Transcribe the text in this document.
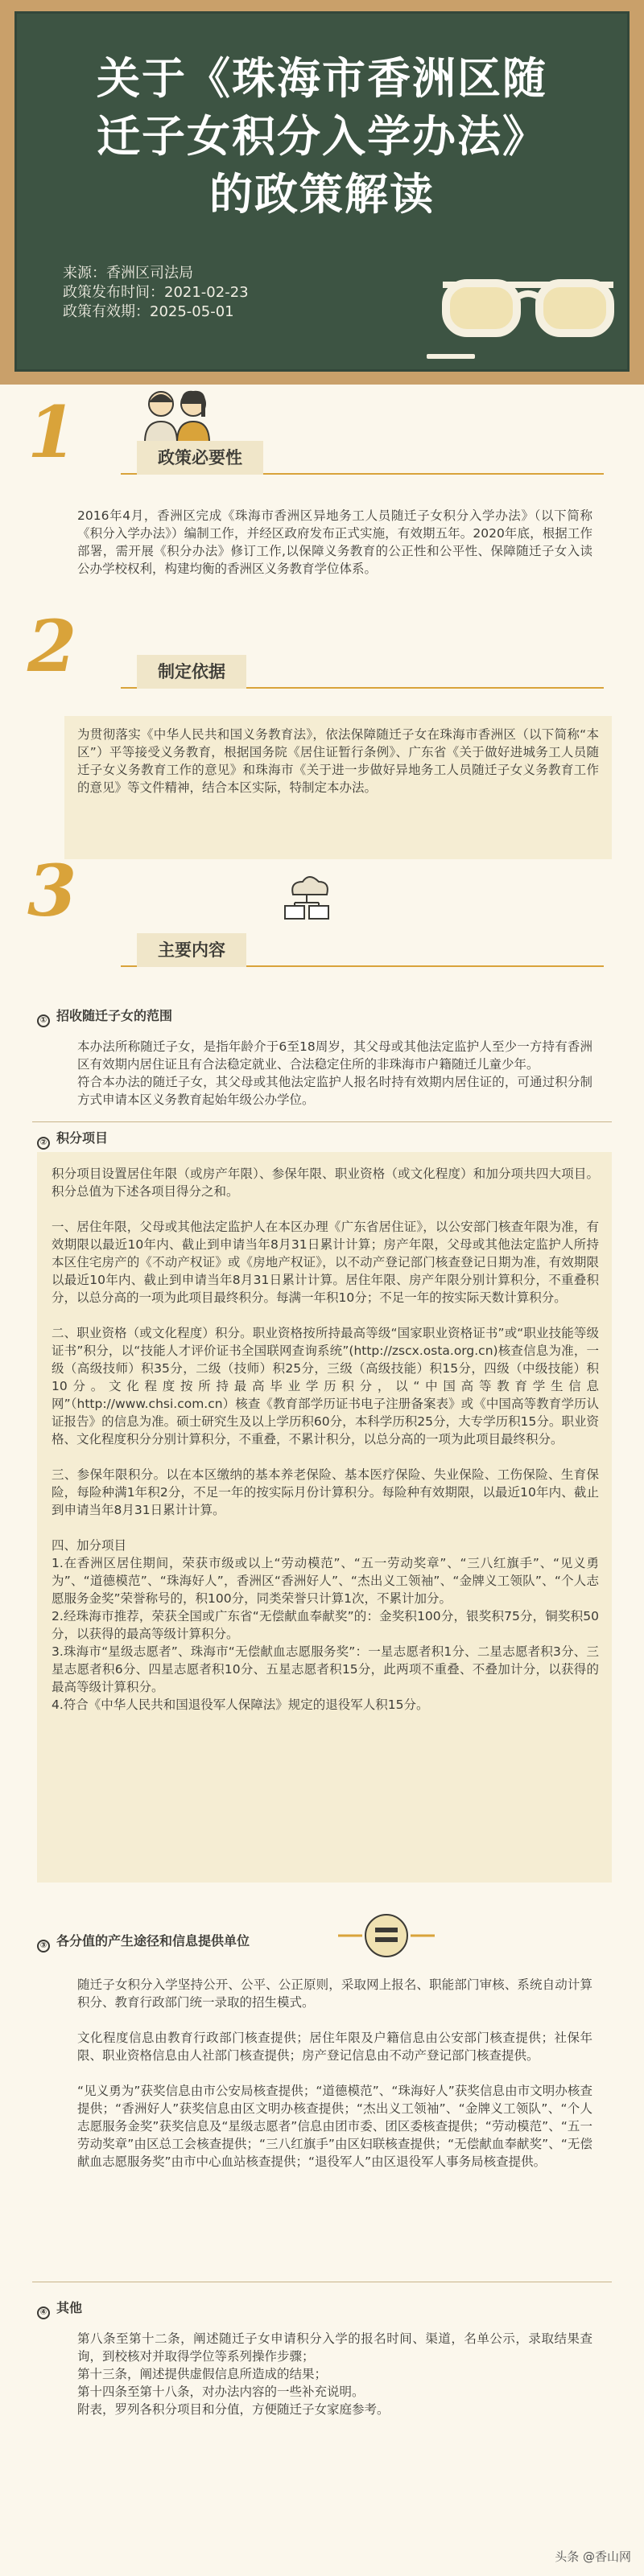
关于《珠海市香洲区随
迁子女积分入学办法》
的政策解读
来源：香洲区司法局
政策发布时间：2021-02-23
政策有效期：2025-05-01
1	政策必要性
2016年4月，香洲区完成《珠海市香洲区异地务工人员随迁子女积分入学办法》（以下简称《积分入学办法》）编制工作，并经区政府发布正式实施，有效期五年。2020年底，根据工作部署，需开展《积分办法》修订工作,以保障义务教育的公正性和公平性、保障随迁子女入读公办学校权利，构建均衡的香洲区义务教育学位体系。
2	制定依据
为贯彻落实《中华人民共和国义务教育法》，依法保障随迁子女在珠海市香洲区（以下简称“本区”）平等接受义务教育，根据国务院《居住证暂行条例》、广东省《关于做好进城务工人员随迁子女义务教育工作的意见》和珠海市《关于进一步做好异地务工人员随迁子女义务教育工作的意见》等文件精神，结合本区实际，特制定本办法。
3
主要内容
① 招收随迁子女的范围
本办法所称随迁子女，是指年龄介于6至18周岁，其父母或其他法定监护人至少一方持有香洲区有效期内居住证且有合法稳定就业、合法稳定住所的非珠海市户籍随迁儿童少年。
符合本办法的随迁子女，其父母或其他法定监护人报名时持有效期内居住证的，可通过积分制方式申请本区义务教育起始年级公办学位。
② 积分项目
积分项目设置居住年限（或房产年限）、参保年限、职业资格（或文化程度）和加分项共四大项目。积分总值为下述各项目得分之和。

一、居住年限，父母或其他法定监护人在本区办理《广东省居住证》，以公安部门核查年限为准，有效期限以最近10年内、截止到申请当年8月31日累计计算；房产年限，父母或其他法定监护人所持本区住宅房产的《不动产权证》或《房地产权证》，以不动产登记部门核查登记日期为准，有效期限以最近10年内、截止到申请当年8月31日累计计算。居住年限、房产年限分别计算积分，不重叠积分，以总分高的一项为此项目最终积分。每满一年积10分；不足一年的按实际天数计算积分。

二、职业资格（或文化程度）积分。职业资格按所持最高等级“国家职业资格证书”或“职业技能等级证书”积分，以“技能人才评价证书全国联网查询系统”(http://zscx.osta.org.cn)核查信息为准，一级（高级技师）积35分，二级（技师）积25分，三级（高级技能）积15分，四级（中级技能）积10分。文化程度按所持最高毕业学历积分，以“中国高等教育学生信息网”（http://www.chsi.com.cn）核查《教育部学历证书电子注册备案表》或《中国高等教育学历认证报告》的信息为准。硕士研究生及以上学历积60分，本科学历积25分，大专学历积15分。职业资格、文化程度积分分别计算积分，不重叠，不累计积分，以总分高的一项为此项目最终积分。

三、参保年限积分。以在本区缴纳的基本养老保险、基本医疗保险、失业保险、工伤保险、生育保险，每险种满1年积2分，不足一年的按实际月份计算积分。每险种有效期限，以最近10年内、截止到申请当年8月31日累计计算。

四、加分项目
1.在香洲区居住期间，荣获市级或以上“劳动模范”、“五一劳动奖章”、“三八红旗手”、“见义勇为”、“道德模范”、“珠海好人”，香洲区“香洲好人”、“杰出义工领袖”、“金牌义工领队”、“个人志愿服务金奖”荣誉称号的，积100分，同类荣誉只计算1次，不累计加分。
2.经珠海市推荐，荣获全国或广东省“无偿献血奉献奖”的：金奖积100分，银奖积75分，铜奖积50分，以获得的最高等级计算积分。
3.珠海市“星级志愿者”、珠海市“无偿献血志愿服务奖”：一星志愿者积1分、二星志愿者积3分、三星志愿者积6分、四星志愿者积10分、五星志愿者积15分，此两项不重叠、不叠加计分，以获得的最高等级计算积分。
4.符合《中华人民共和国退役军人保障法》规定的退役军人积15分。
③ 各分值的产生途径和信息提供单位
随迁子女积分入学坚持公开、公平、公正原则，采取网上报名、职能部门审核、系统自动计算积分、教育行政部门统一录取的招生模式。

文化程度信息由教育行政部门核查提供；居住年限及户籍信息由公安部门核查提供；社保年限、职业资格信息由人社部门核查提供；房产登记信息由不动产登记部门核查提供。

“见义勇为”获奖信息由市公安局核查提供；“道德模范”、“珠海好人”获奖信息由市文明办核查提供；“香洲好人”获奖信息由区文明办核查提供；“杰出义工领袖”、“金牌义工领队”、“个人志愿服务金奖”获奖信息及“星级志愿者”信息由团市委、团区委核查提供；“劳动模范”、“五一劳动奖章”由区总工会核查提供；“三八红旗手”由区妇联核查提供；“无偿献血奉献奖”、“无偿献血志愿服务奖”由市中心血站核查提供；“退役军人”由区退役军人事务局核查提供。
④ 其他
第八条至第十二条，阐述随迁子女申请积分入学的报名时间、渠道，名单公示，录取结果查询，到校核对并取得学位等系列操作步骤；
第十三条，阐述提供虚假信息所造成的结果；
第十四条至第十八条，对办法内容的一些补充说明。
附表，罗列各积分项目和分值，方便随迁子女家庭参考。
头条 @香山网
